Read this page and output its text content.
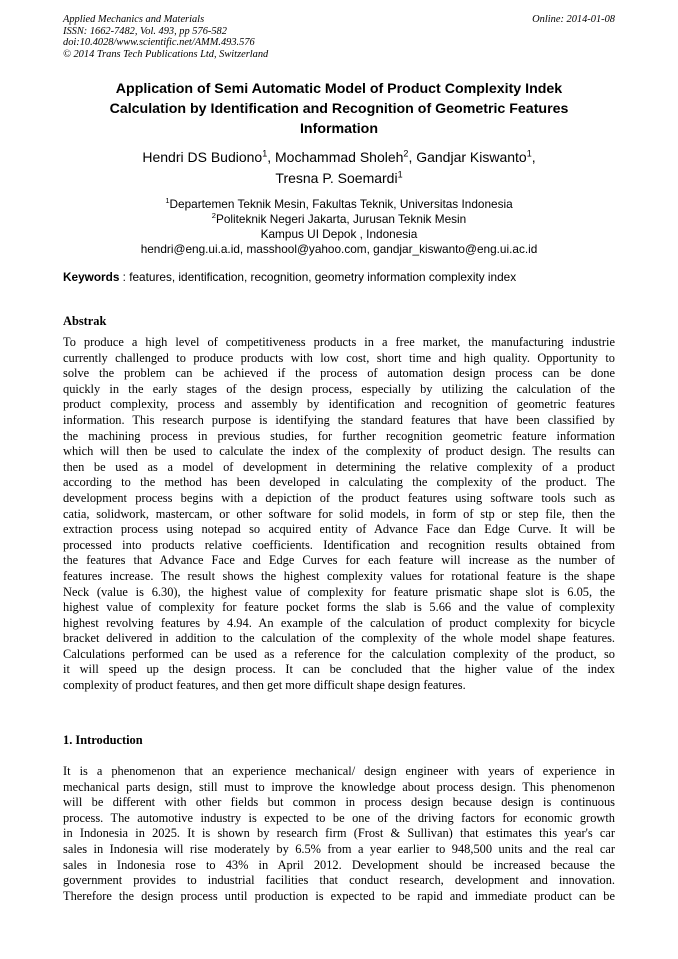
Applied Mechanics and Materials
ISSN: 1662-7482, Vol. 493, pp 576-582
doi:10.4028/www.scientific.net/AMM.493.576
© 2014 Trans Tech Publications Ltd, Switzerland
Online: 2014-01-08
Application of Semi Automatic Model of Product Complexity Indek
Calculation by Identification and Recognition of Geometric Features
Information
Hendri DS Budiono$^1$, Mochammad Sholeh$^2$, Gandjar Kiswanto$^1$,
Tresna P. Soemardi$^1$
$^1$Departemen Teknik Mesin, Fakultas Teknik, Universitas Indonesia
$^2$Politeknik Negeri Jakarta, Jurusan Teknik Mesin
Kampus UI Depok , Indonesia
hendri@eng.ui.a.id, masshool@yahoo.com, gandjar_kiswanto@eng.ui.ac.id
Keywords : features, identification, recognition, geometry information complexity index
Abstrak
To produce a high level of competitiveness products in a free market, the manufacturing industrie
currently challenged to produce products with low cost, short time and high quality. Opportunity to
solve the problem can be achieved if the process of automation design process can be done
quickly in the early stages of the design process, especially by utilizing the calculation of the
product complexity, process and assembly by identification and recognition of geometric features
information. This research purpose is identifying the standard features that have been classified by
the machining process in previous studies, for further recognition geometric feature information
which will then be used to calculate the index of the complexity of product design. The results can
then be used as a model of development in determining the relative complexity of a product
according to the method has been developed in calculating the complexity of the product. The
development process begins with a depiction of the product features using software tools such as
catia, solidwork, mastercam, or other software for solid models, in form of stp or step file, then the
extraction process using notepad so acquired entity of Advance Face dan Edge Curve. It will be
processed into products relative coefficients. Identification and recognition results obtained from
the features that Advance Face and Edge Curves for each feature will increase as the number of
features increase. The result shows the highest complexity values for rotational feature is the shape
Neck (value is 6.30), the highest value of complexity for feature prismatic shape slot is 6.05, the
highest value of complexity for feature pocket forms the slab is 5.66 and the value of complexity
highest revolving features by 4.94. An example of the calculation of product complexity for bicycle
bracket delivered in addition to the calculation of the complexity of the whole model shape features.
Calculations performed can be used as a reference for the calculation complexity of the product, so
it will speed up the design process. It can be concluded that the higher value of the index
complexity of product features, and then get more difficult shape design features.
1. Introduction
It is a phenomenon that an experience mechanical/ design engineer with years of experience in
mechanical parts design, still must to improve the knowledge about process design. This phenomenon
will be different with other fields but common in process design because design is continuous
process. The automotive industry is expected to be one of the driving factors for economic growth
in Indonesia in 2025. It is shown by research firm (Frost & Sullivan) that estimates this year's car
sales in Indonesia will rise moderately by 6.5% from a year earlier to 948,500 units and the real car
sales in Indonesia rose to 43% in April 2012. Development should be increased because the
government provides to industrial facilities that conduct research, development and innovation.
Therefore the design process until production is expected to be rapid and immediate product can be
